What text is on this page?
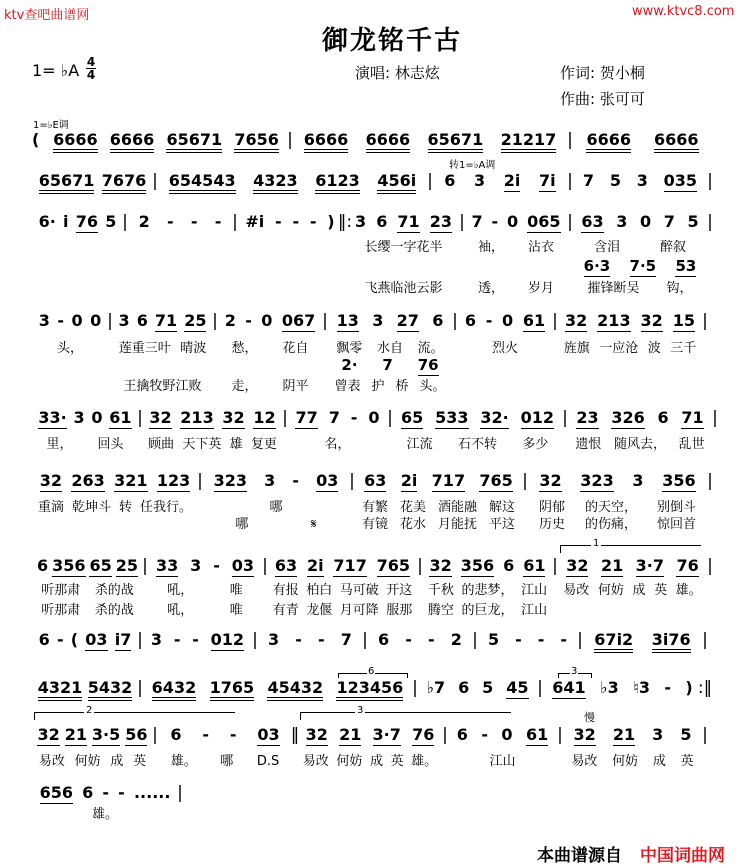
ktv查吧曲谱网	www.ktvc8.com
御龙铭千古
1= ♭A 4
4	演唱: 林志炫	作词: 贺小桐
作曲: 张可可
1=♭E调
转1=♭A调
1
2	3
慢
6	3
本曲谱源自 中国词曲网
( 6666 6666 65671 7656 | 6666 6666 65671 21217 | 6666 6666
65671 7676 | 654543 4323 6123 456i | 6 3 2i 7i | 7 5 3 035 |
6· i 76 5 | 2 - - - | #i - - - ) ‖: 3 6 71 23 | 7 - 0 065 | 63 3 0 7 5 |
长缨一字花半	袖， 沾衣	含泪	醉叙
6·3 7·5 53
飞燕临池云影	透， 岁月	摧锋断吴 钩，
3 - 0 0 | 3 6 71 25 | 2 - 0 067 | 13 3 27 6 | 6 - 0 61 | 32 213 32 15 |
头，	莲重三叶 晴波 愁， 花自 飘零 水自 流。	烈火	旌旗 一应沧 波 三千
2· 7 76
王擒牧野江败 走， 阴平 曾表 护 桥 头。
33· 3 0 61 | 32 213 32 12 | 77 7 - 0 | 65 533 32· 012 | 23 326 6 71 |
里， 回头 顾曲 天下英 雄 复更	名，	江流 石不转 多少 遗恨 随风去， 乱世
32 263 321 123 | 323 3 - 03 | 63 2i 717 765 | 32 323 3 356 |
重滴 乾坤斗 转 任我行。	哪	有繁 花美 酒能融 解这 阴郁 的天空， 别倒斗
哪	𝄋	有镜 花水 月能抚 平这 历史 的伤痛， 惊回首
6 356 65 25 | 33 3 - 03 | 63 2i 717 765 | 32 356 6 61 | 32 21 3·7 76 |
听那肃 杀的战	吼，	唯 有报 柏白 马可破 开这 千秋 的悲梦， 江山 易改 何妨 成 英 雄。
听那肃 杀的战	吼，	唯 有青 龙偃 月可降 服那 腾空 的巨龙， 江山
6 - ( 03 i7 | 3 - - 012 | 3 - - 7 | 6 - - 2 | 5 - - - | 67i2 3i76 |
4321 5432 | 6432 1765 45432 123456 | ♭7 6 5 45 | 641 ♭3 ♮3 - ) :‖
32 21 3·5 56 | 6 - - 03 ‖ 32 21 3·7 76 | 6 - 0 61 | 32 21 3 5 |
易改 何妨 成 英 雄。 哪 D.S 易改 何妨 成 英 雄。	江山	易改 何妨 成 英
656 6 - - ...... |
雄。
